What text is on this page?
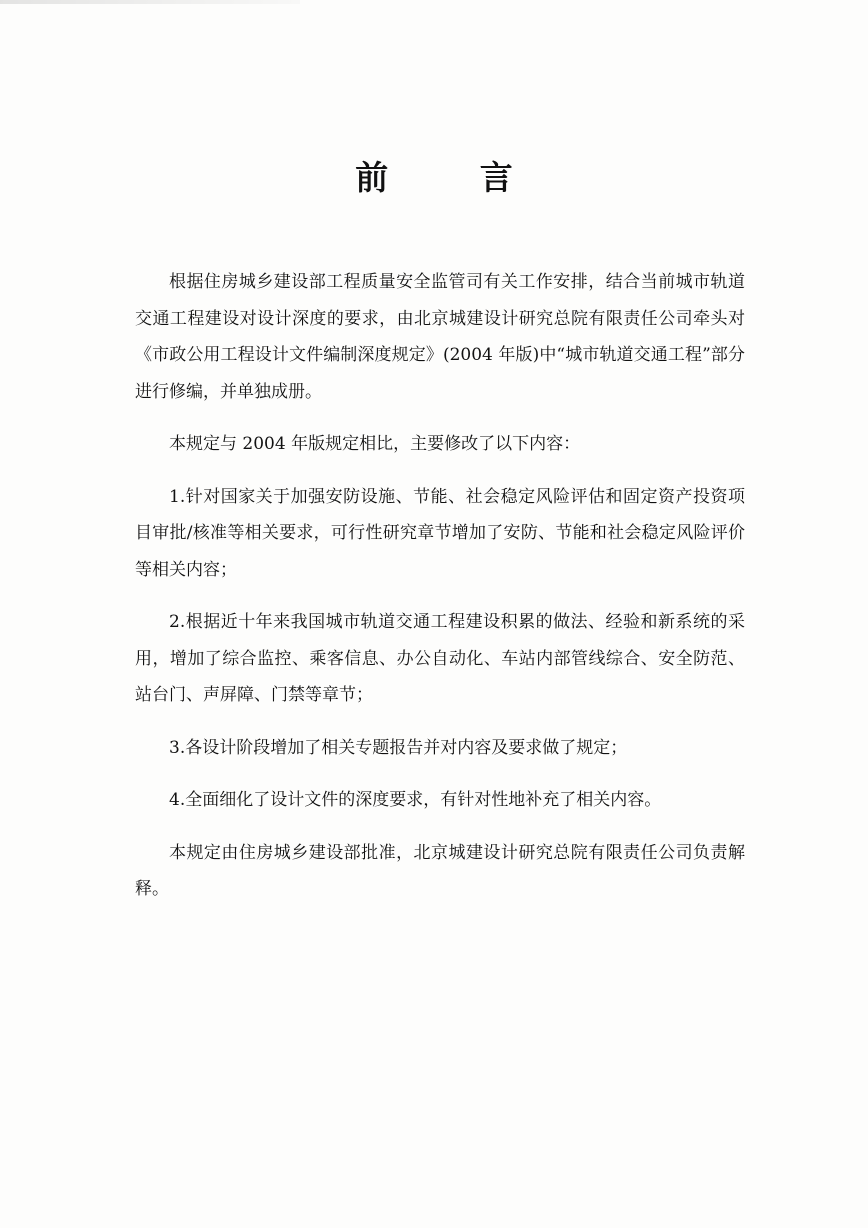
前 言

根据住房城乡建设部工程质量安全监管司有关工作安排，结合当前城市轨道交通工程建设对设计深度的要求，由北京城建设计研究总院有限责任公司牵头对《市政公用工程设计文件编制深度规定》(2004 年版)中“城市轨道交通工程”部分进行修编，并单独成册。

本规定与 2004 年版规定相比，主要修改了以下内容：

1.针对国家关于加强安防设施、节能、社会稳定风险评估和固定资产投资项目审批/核准等相关要求，可行性研究章节增加了安防、节能和社会稳定风险评价等相关内容；

2.根据近十年来我国城市轨道交通工程建设积累的做法、经验和新系统的采用，增加了综合监控、乘客信息、办公自动化、车站内部管线综合、安全防范、站台门、声屏障、门禁等章节；

3.各设计阶段增加了相关专题报告并对内容及要求做了规定；

4.全面细化了设计文件的深度要求，有针对性地补充了相关内容。

本规定由住房城乡建设部批准，北京城建设计研究总院有限责任公司负责解释。
